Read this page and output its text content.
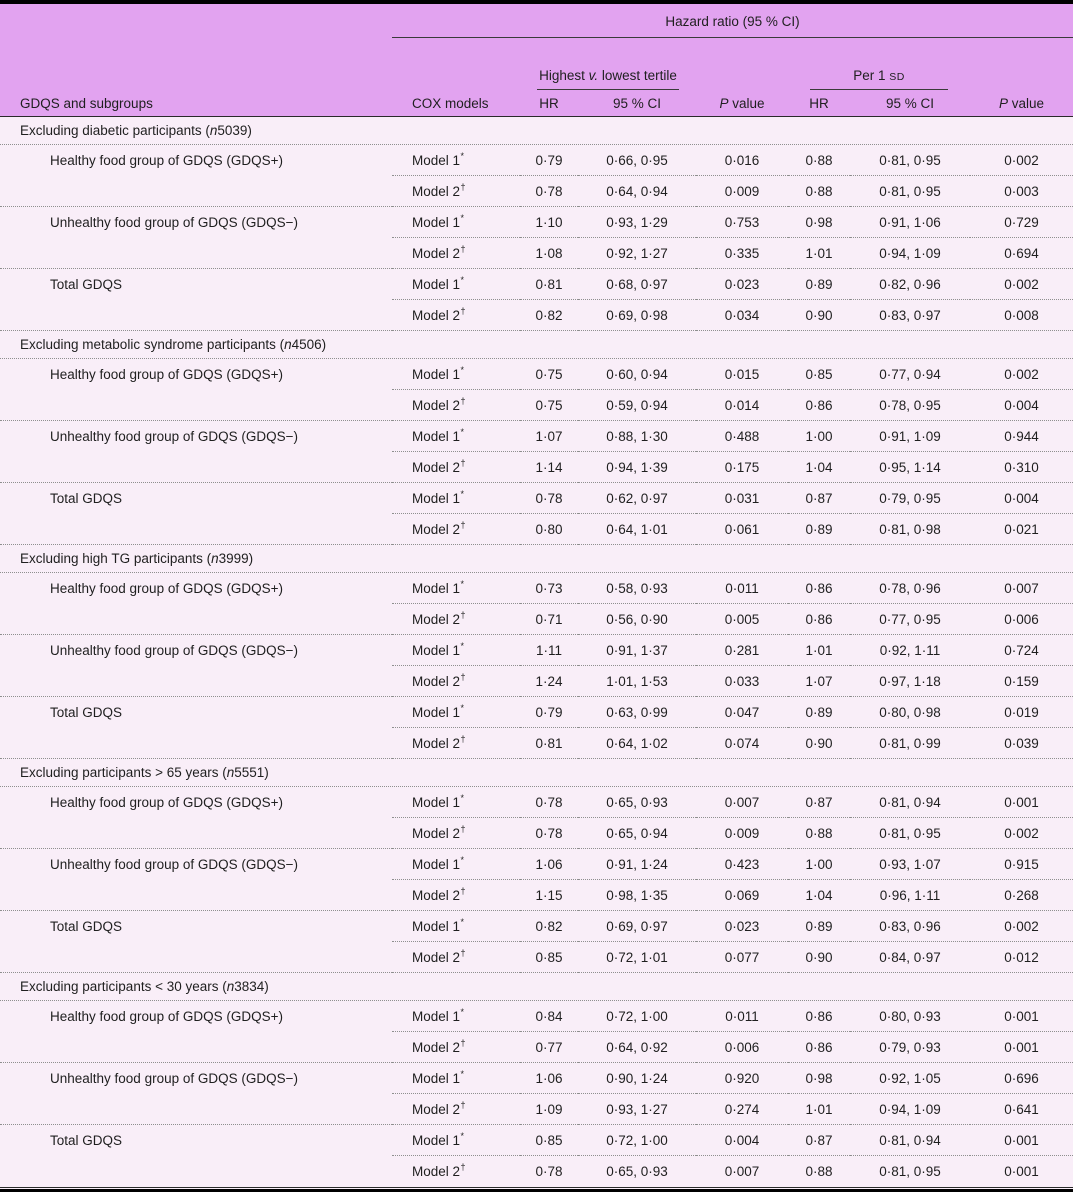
Hazard ratio (95 % CI)
Highest v. lowest tertile	Per 1 SD
GDQS and subgroups	COX models	HR	95 % CI	P value	HR	95 % CI	P value
Excluding diabetic participants ( n 5039)
Healthy food group of GDQS (GDQS+)	Model 1 *	0·79	0·66, 0·95	0·016	0·88	0·81, 0·95	0·002
Model 2 †	0·78	0·64, 0·94	0·009	0·88	0·81, 0·95	0·003
Unhealthy food group of GDQS (GDQS−)	Model 1 *	1·10	0·93, 1·29	0·753	0·98	0·91, 1·06	0·729
Model 2 †	1·08	0·92, 1·27	0·335	1·01	0·94, 1·09	0·694
Total GDQS	Model 1 *	0·81	0·68, 0·97	0·023	0·89	0·82, 0·96	0·002
Model 2 †	0·82	0·69, 0·98	0·034	0·90	0·83, 0·97	0·008
Excluding metabolic syndrome participants ( n 4506)
Healthy food group of GDQS (GDQS+)	Model 1 *	0·75	0·60, 0·94	0·015	0·85	0·77, 0·94	0·002
Model 2 †	0·75	0·59, 0·94	0·014	0·86	0·78, 0·95	0·004
Unhealthy food group of GDQS (GDQS−)	Model 1 *	1·07	0·88, 1·30	0·488	1·00	0·91, 1·09	0·944
Model 2 †	1·14	0·94, 1·39	0·175	1·04	0·95, 1·14	0·310
Total GDQS	Model 1 *	0·78	0·62, 0·97	0·031	0·87	0·79, 0·95	0·004
Model 2 †	0·80	0·64, 1·01	0·061	0·89	0·81, 0·98	0·021
Excluding high TG participants ( n 3999)
Healthy food group of GDQS (GDQS+)	Model 1 *	0·73	0·58, 0·93	0·011	0·86	0·78, 0·96	0·007
Model 2 †	0·71	0·56, 0·90	0·005	0·86	0·77, 0·95	0·006
Unhealthy food group of GDQS (GDQS−)	Model 1 *	1·11	0·91, 1·37	0·281	1·01	0·92, 1·11	0·724
Model 2 †	1·24	1·01, 1·53	0·033	1·07	0·97, 1·18	0·159
Total GDQS	Model 1 *	0·79	0·63, 0·99	0·047	0·89	0·80, 0·98	0·019
Model 2 †	0·81	0·64, 1·02	0·074	0·90	0·81, 0·99	0·039
Excluding participants > 65 years ( n 5551)
Healthy food group of GDQS (GDQS+)	Model 1 *	0·78	0·65, 0·93	0·007	0·87	0·81, 0·94	0·001
Model 2 †	0·78	0·65, 0·94	0·009	0·88	0·81, 0·95	0·002
Unhealthy food group of GDQS (GDQS−)	Model 1 *	1·06	0·91, 1·24	0·423	1·00	0·93, 1·07	0·915
Model 2 †	1·15	0·98, 1·35	0·069	1·04	0·96, 1·11	0·268
Total GDQS	Model 1 *	0·82	0·69, 0·97	0·023	0·89	0·83, 0·96	0·002
Model 2 †	0·85	0·72, 1·01	0·077	0·90	0·84, 0·97	0·012
Excluding participants < 30 years ( n 3834)
Healthy food group of GDQS (GDQS+)	Model 1 *	0·84	0·72, 1·00	0·011	0·86	0·80, 0·93	0·001
Model 2 †	0·77	0·64, 0·92	0·006	0·86	0·79, 0·93	0·001
Unhealthy food group of GDQS (GDQS−)	Model 1 *	1·06	0·90, 1·24	0·920	0·98	0·92, 1·05	0·696
Model 2 †	1·09	0·93, 1·27	0·274	1·01	0·94, 1·09	0·641
Total GDQS	Model 1 *	0·85	0·72, 1·00	0·004	0·87	0·81, 0·94	0·001
Model 2 †	0·78	0·65, 0·93	0·007	0·88	0·81, 0·95	0·001
